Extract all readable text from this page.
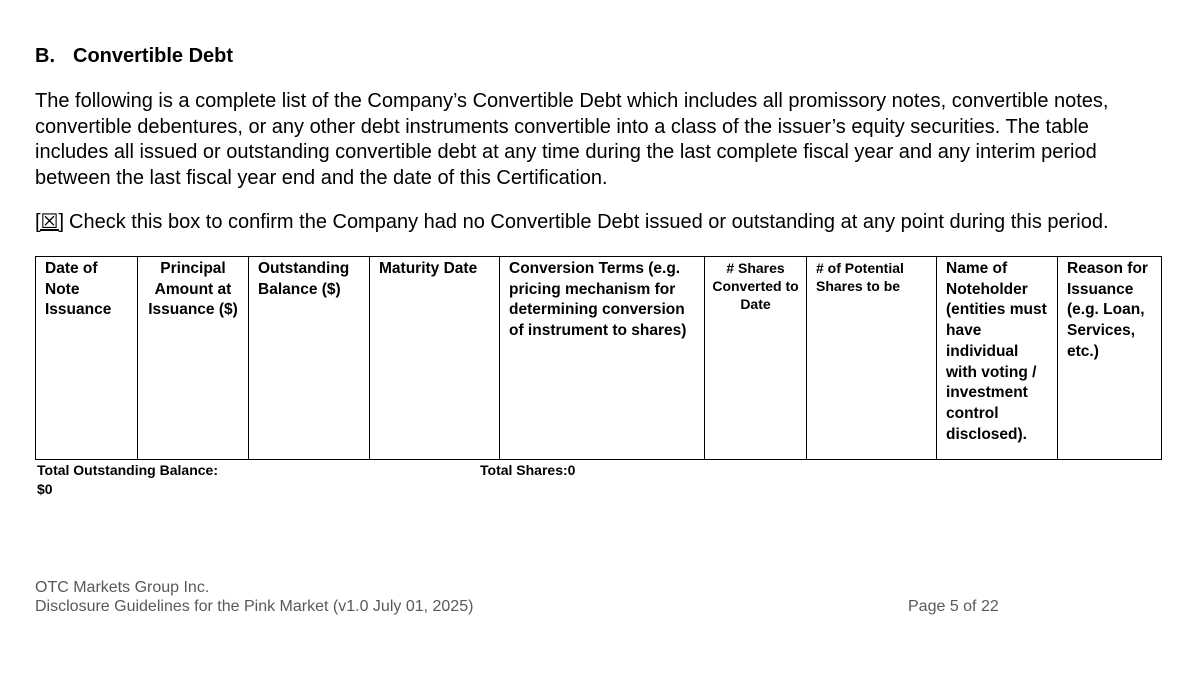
B. Convertible Debt

The following is a complete list of the Company’s Convertible Debt which includes all promissory notes, convertible notes, convertible debentures, or any other debt instruments convertible into a class of the issuer’s equity securities. The table includes all issued or outstanding convertible debt at any time during the last complete fiscal year and any interim period between the last fiscal year end and the date of this Certification.

[☒] Check this box to confirm the Company had no Convertible Debt issued or outstanding at any point during this period.
Date of Note Issuance	Principal Amount at Issuance ($)	Outstanding Balance ($)	Maturity Date	Conversion Terms (e.g. pricing mechanism for determining conversion of instrument to shares)	# Shares Converted to Date	# of Potential Shares to be	Name of Noteholder (entities must have individual with voting / investment control disclosed).	Reason for Issuance (e.g. Loan, Services, etc.)
Total Outstanding Balance:
$0
Total Shares:0
OTC Markets Group Inc.
Disclosure Guidelines for the Pink Market (v1.0 July 01, 2025)	Page 5 of 22
